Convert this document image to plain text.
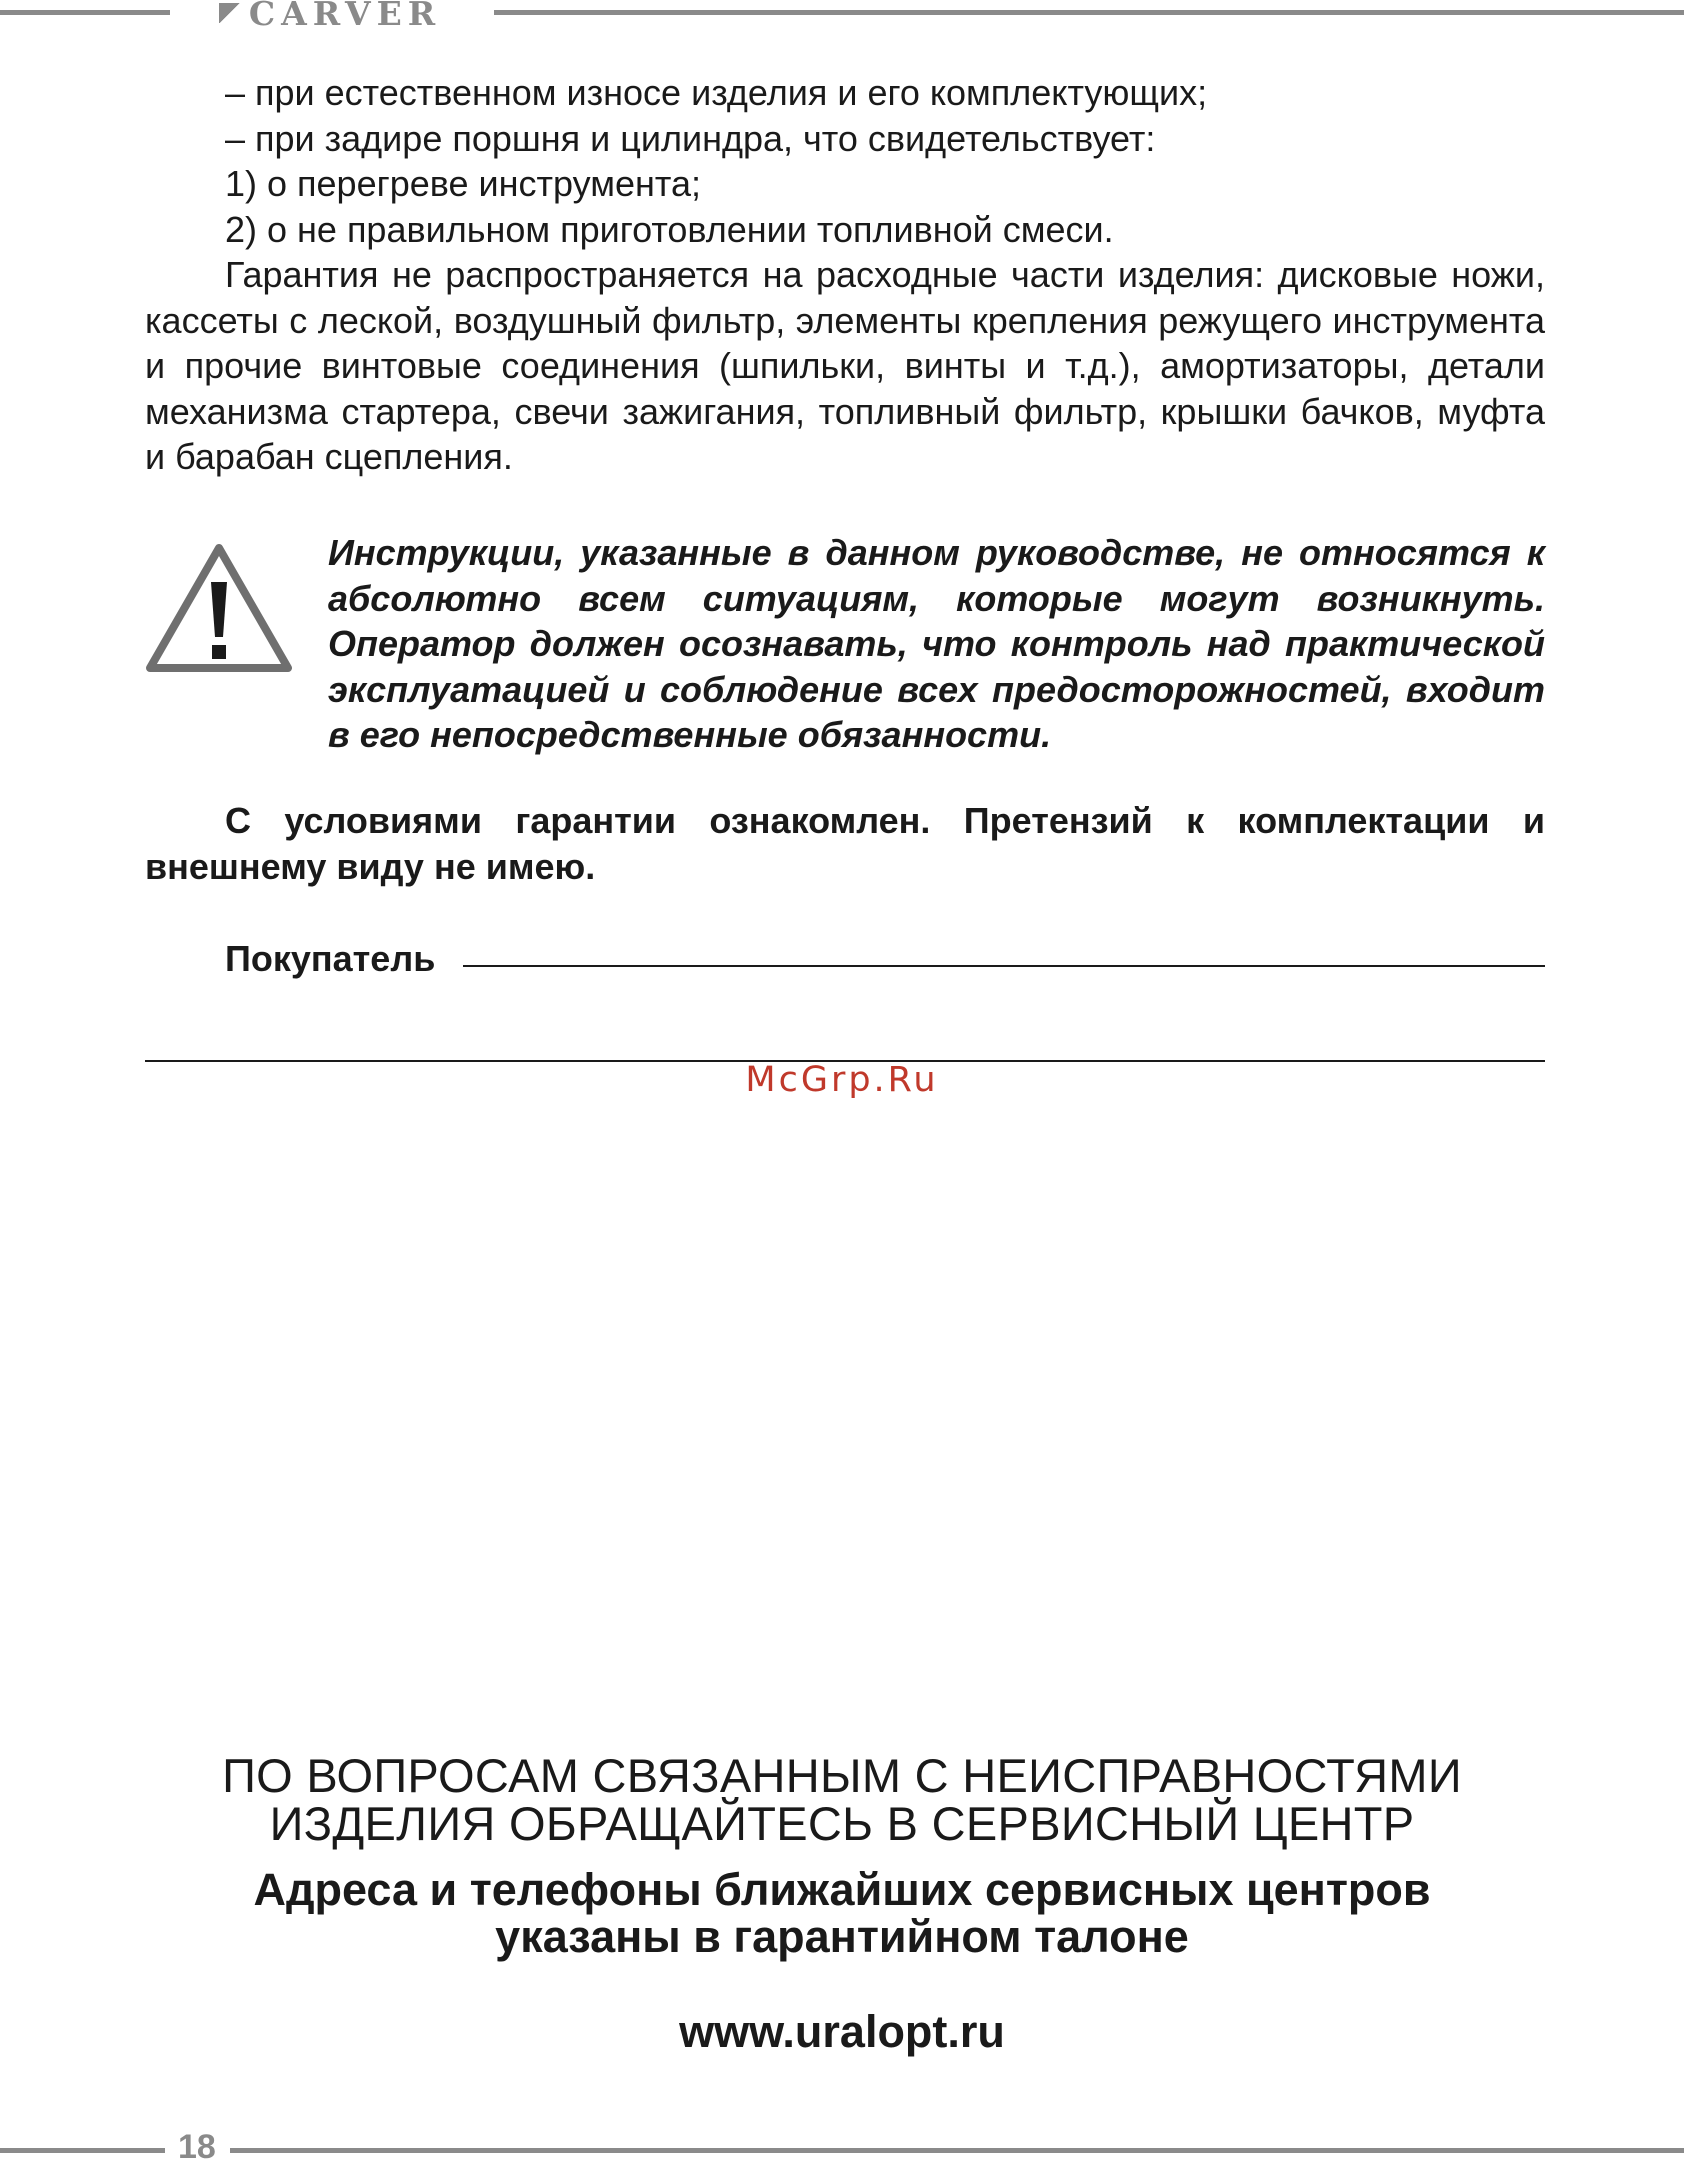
CARVER

– при естественном износе изделия и его комплектующих;

– при задире поршня и цилиндра, что свидетельствует:

1) о перегреве инструмента;

2) о не правильном приготовлении топливной смеси.

Гарантия не распространяется на расходные части изделия: дисковые ножи, кассеты с леской, воздушный фильтр, элементы крепления режущего инструмента и прочие винтовые соединения (шпильки, винты и т.д.), амортизаторы, детали механизма стартера, свечи зажигания, топливный фильтр, крышки бачков, муфта и барабан сцепления.

Инструкции, указанные в данном руководстве, не относятся к абсолютно всем ситуациям, которые могут возникнуть. Оператор должен осознавать, что контроль над практической эксплуатацией и соблюдение всех предосторожностей, входит в его непосредственные обязанности.

С условиями гарантии ознакомлен. Претензий к комплектации и внешнему виду не имею.

Покупатель
McGrp.Ru
ПО ВОПРОСАМ СВЯЗАННЫМ С НЕИСПРАВНОСТЯМИ
ИЗДЕЛИЯ ОБРАЩАЙТЕСЬ В СЕРВИСНЫЙ ЦЕНТР
Адреса и телефоны ближайших сервисных центров
указаны в гарантийном талоне
www.uralopt.ru
18
